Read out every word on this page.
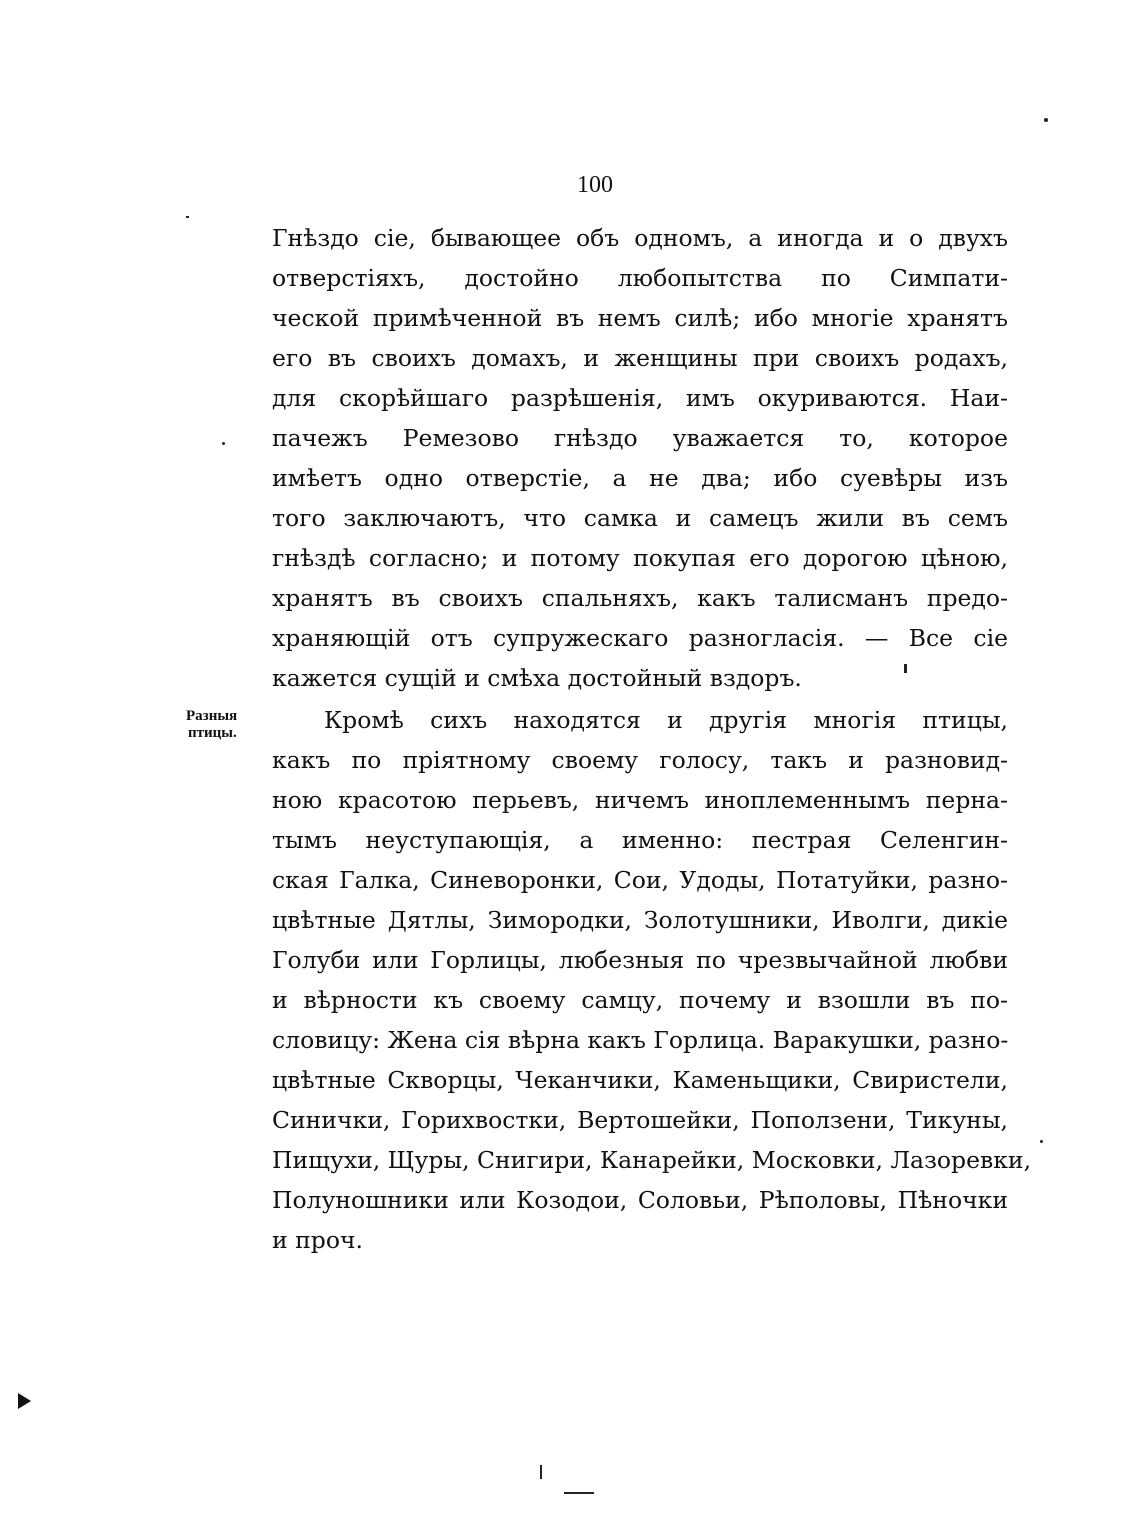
100
Гнѣздо сіе, бывающее объ одномъ, а иногда и о двухъ
отверстіяхъ, достойно любопытства по Симпати-
ческой примѣченной въ немъ силѣ; ибо многіе хранятъ
его въ своихъ домахъ, и женщины при своихъ родахъ,
для скорѣйшаго разрѣшенія, имъ окуриваются. Наи-
пачежъ Ремезово гнѣздо уважается то, которое
имѣетъ одно отверстіе, а не два; ибо суевѣры изъ
того заключаютъ, что самка и самецъ жили въ семъ
гнѣздѣ согласно; и потому покупая его дорогою цѣною,
хранятъ въ своихъ спальняхъ, какъ талисманъ предо-
храняющій отъ супружескаго разногласія. — Все сіе
кажется сущій и смѣха достойный вздоръ.
Разныя
птицы.	Кромѣ сихъ находятся и другія многія птицы,
какъ по пріятному своему голосу, такъ и разновид-
ною красотою перьевъ, ничемъ иноплеменнымъ перна-
тымъ неуступающія, а именно: пестрая Селенгин-
ская Галка, Синеворонки, Сои, Удоды, Потатуйки, разно-
цвѣтные Дятлы, Зимородки, Золотушники, Иволги, дикіе
Голуби или Горлицы, любезныя по чрезвычайной любви
и вѣрности къ своему самцу, почему и взошли въ по-
словицу: Жена сія вѣрна какъ Горлица. Варакушки, разно-
цвѣтные Скворцы, Чеканчики, Каменьщики, Свиристели,
Синички, Горихвостки, Вертошейки, Поползени, Тикуны,
Пищухи, Щуры, Снигири, Канарейки, Московки, Лазоревки,
Полуношники или Козодои, Соловьи, Рѣполовы, Пѣночки
и проч.
